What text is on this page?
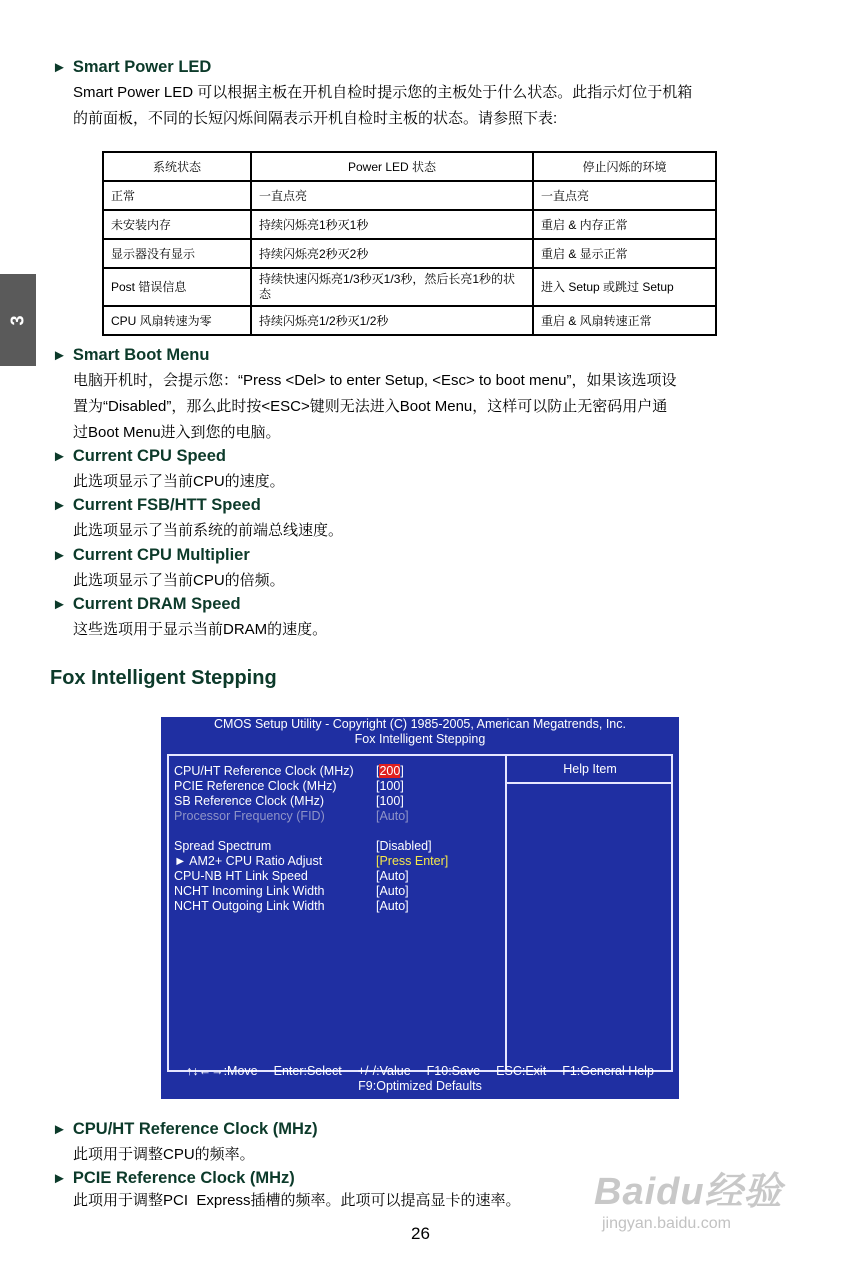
3
► Smart Power LED
Smart Power LED 可以根据主板在开机自检时提示您的主板处于什么状态。此指示灯位于机箱
的前面板，不同的长短闪烁间隔表示开机自检时主板的状态。请参照下表:
系统状态	Power LED 状态	停止闪烁的环境
正常	一直点亮	一直点亮
未安装内存	持续闪烁亮1秒灭1秒	重启 & 内存正常
显示器没有显示	持续闪烁亮2秒灭2秒	重启 & 显示正常
Post 错误信息	持续快速闪烁亮1/3秒灭1/3秒，然后长亮1秒的状态	进入 Setup 或跳过 Setup
CPU 风扇转速为零	持续闪烁亮1/2秒灭1/2秒	重启 & 风扇转速正常
► Smart Boot Menu
电脑开机时，会提示您：“Press <Del> to enter Setup, <Esc> to boot menu”，如果该选项设
置为“Disabled”，那么此时按<ESC>键则无法进入Boot Menu，这样可以防止无密码用户通
过Boot Menu进入到您的电脑。
► Current CPU Speed
此选项显示了当前CPU的速度。
► Current FSB/HTT Speed
此选项显示了当前系统的前端总线速度。
► Current CPU Multiplier
此选项显示了当前CPU的倍频。
► Current DRAM Speed
这些选项用于显示当前DRAM的速度。
Fox Intelligent Stepping
CMOS Setup Utility - Copyright (C) 1985-2005, American Megatrends, Inc.
Fox Intelligent Stepping
Help Item
CPU/HT Reference Clock (MHz) [200]
PCIE Reference Clock (MHz)	[100]
SB Reference Clock (MHz)	[100]
Processor Frequency (FID)	[Auto]
Spread Spectrum	[Disabled]
► AM2+ CPU Ratio Adjust	[Press Enter]
CPU-NB HT Link Speed	[Auto]
NCHT Incoming Link Width	[Auto]
NCHT Outgoing Link Width	[Auto]
↑↓←→:Move Enter:Select +/-/:Value F10:Save ESC:Exit F1:General Help
F9:Optimized Defaults
► CPU/HT Reference Clock (MHz)
此项用于调整CPU的频率。
► PCIE Reference Clock (MHz)
此项用于调整PCI  Express插槽的频率。此项可以提高显卡的速率。 Baidu经验
jingyan.baidu.com
26
